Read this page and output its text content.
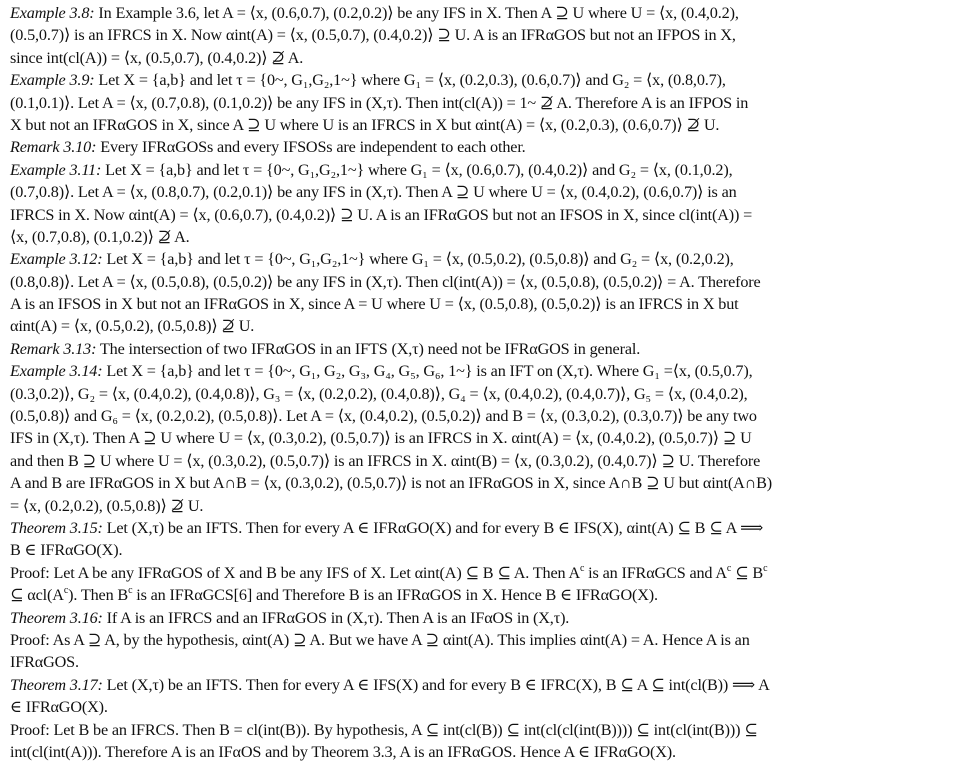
Example 3.8: In Example 3.6, let A = ⟨x, (0.6,0.7), (0.2,0.2)⟩ be any IFS in X. Then A ⊇ U where U = ⟨x, (0.4,0.2),
(0.5,0.7)⟩ is an IFRCS in X. Now αint(A) = ⟨x, (0.5,0.7), (0.4,0.2)⟩ ⊇ U. A is an IFRαGOS but not an IFPOS in X,
since int(cl(A)) = ⟨x, (0.5,0.7), (0.4,0.2)⟩ ⊉ A.
Example 3.9: Let X = {a,b} and let τ = {0~, G₁,G₂,1~} where G₁ = ⟨x, (0.2,0.3), (0.6,0.7)⟩ and G₂ = ⟨x, (0.8,0.7),
(0.1,0.1)⟩. Let A = ⟨x, (0.7,0.8), (0.1,0.2)⟩ be any IFS in (X,τ). Then int(cl(A)) = 1~ ⊉ A. Therefore A is an IFPOS in
X but not an IFRαGOS in X, since A ⊇ U where U is an IFRCS in X but αint(A) = ⟨x, (0.2,0.3), (0.6,0.7)⟩ ⊉ U.
Remark 3.10: Every IFRαGOSs and every IFSOSs are independent to each other.
Example 3.11: Let X = {a,b} and let τ = {0~, G₁,G₂,1~} where G₁ = ⟨x, (0.6,0.7), (0.4,0.2)⟩ and G₂ = ⟨x, (0.1,0.2),
(0.7,0.8)⟩. Let A = ⟨x, (0.8,0.7), (0.2,0.1)⟩ be any IFS in (X,τ). Then A ⊇ U where U = ⟨x, (0.4,0.2), (0.6,0.7)⟩ is an
IFRCS in X. Now αint(A) = ⟨x, (0.6,0.7), (0.4,0.2)⟩ ⊇ U. A is an IFRαGOS but not an IFSOS in X, since cl(int(A)) =
⟨x, (0.7,0.8), (0.1,0.2)⟩ ⊉ A.
Example 3.12: Let X = {a,b} and let τ = {0~, G₁,G₂,1~} where G₁ = ⟨x, (0.5,0.2), (0.5,0.8)⟩ and G₂ = ⟨x, (0.2,0.2),
(0.8,0.8)⟩. Let A = ⟨x, (0.5,0.8), (0.5,0.2)⟩ be any IFS in (X,τ). Then cl(int(A)) = ⟨x, (0.5,0.8), (0.5,0.2)⟩ = A. Therefore
A is an IFSOS in X but not an IFRαGOS in X, since A = U where U = ⟨x, (0.5,0.8), (0.5,0.2)⟩ is an IFRCS in X but
αint(A) = ⟨x, (0.5,0.2), (0.5,0.8)⟩ ⊉ U.
Remark 3.13: The intersection of two IFRαGOS in an IFTS (X,τ) need not be IFRαGOS in general.
Example 3.14: Let X = {a,b} and let τ = {0~, G₁, G₂, G₃, G₄, G₅, G₆, 1~} is an IFT on (X,τ). Where G₁ =⟨x, (0.5,0.7),
(0.3,0.2)⟩, G₂ = ⟨x, (0.4,0.2), (0.4,0.8)⟩, G₃ = ⟨x, (0.2,0.2), (0.4,0.8)⟩, G₄ = ⟨x, (0.4,0.2), (0.4,0.7)⟩, G₅ = ⟨x, (0.4,0.2),
(0.5,0.8)⟩ and G₆ = ⟨x, (0.2,0.2), (0.5,0.8)⟩. Let A = ⟨x, (0.4,0.2), (0.5,0.2)⟩ and B = ⟨x, (0.3,0.2), (0.3,0.7)⟩ be any two
IFS in (X,τ). Then A ⊇ U where U = ⟨x, (0.3,0.2), (0.5,0.7)⟩ is an IFRCS in X. αint(A) = ⟨x, (0.4,0.2), (0.5,0.7)⟩ ⊇ U
and then B ⊇ U where U = ⟨x, (0.3,0.2), (0.5,0.7)⟩ is an IFRCS in X. αint(B) = ⟨x, (0.3,0.2), (0.4,0.7)⟩ ⊇ U. Therefore
A and B are IFRαGOS in X but A∩B = ⟨x, (0.3,0.2), (0.5,0.7)⟩ is not an IFRαGOS in X, since A∩B ⊇ U but αint(A∩B)
= ⟨x, (0.2,0.2), (0.5,0.8)⟩ ⊉ U.
Theorem 3.15: Let (X,τ) be an IFTS. Then for every A ∈ IFRαGO(X) and for every B ∈ IFS(X), αint(A) ⊆ B ⊆ A ⟹
B ∈ IFRαGO(X).
Proof: Let A be any IFRαGOS of X and B be any IFS of X. Let αint(A) ⊆ B ⊆ A. Then $A^c$ is an IFRαGCS and $A^c$ ⊆ $B^c$
⊆ $\alpha cl(A^c)$. Then $B^c$ is an IFRαGCS[6] and Therefore B is an IFRαGOS in X. Hence B ∈ IFRαGO(X).
Theorem 3.16: If A is an IFRCS and an IFRαGOS in (X,τ). Then A is an IFαOS in (X,τ).
Proof: As A ⊇ A, by the hypothesis, αint(A) ⊇ A. But we have A ⊇ αint(A). This implies αint(A) = A. Hence A is an
IFRαGOS.
Theorem 3.17: Let (X,τ) be an IFTS. Then for every A ∈ IFS(X) and for every B ∈ IFRC(X), B ⊆ A ⊆ int(cl(B)) ⟹ A
∈ IFRαGO(X).
Proof: Let B be an IFRCS. Then B = cl(int(B)). By hypothesis, A ⊆ int(cl(B)) ⊆ int(cl(cl(int(B)))) ⊆ int(cl(int(B))) ⊆
int(cl(int(A))). Therefore A is an IFαOS and by Theorem 3.3, A is an IFRαGOS. Hence A ∈ IFRαGO(X).
